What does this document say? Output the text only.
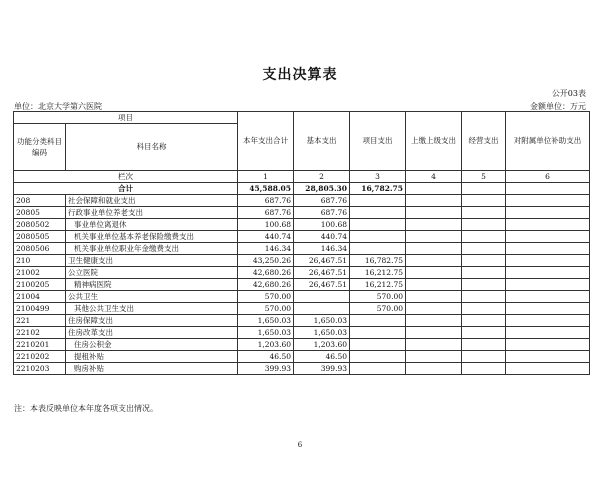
支出决算表
公开03表
单位：北京大学第六医院	金额单位：万元
项目		本年支出合计	基本支出	项目支出	上缴上级支出	经营支出	对附属单位补助支出
功能分类科目编码	科目名称						
栏次		1	2	3	4	5	6
合计		45,588.05	28,805.30	16,782.75			
208	社会保障和就业支出	687.76	687.76				
20805	行政事业单位养老支出	687.76	687.76				
2080502	事业单位离退休	100.68	100.68				
2080505	机关事业单位基本养老保险缴费支出	440.74	440.74				
2080506	机关事业单位职业年金缴费支出	146.34	146.34				
210	卫生健康支出	43,250.26	26,467.51	16,782.75			
21002	公立医院	42,680.26	26,467.51	16,212.75			
2100205	精神病医院	42,680.26	26,467.51	16,212.75			
21004	公共卫生	570.00		570.00			
2100499	其他公共卫生支出	570.00		570.00			
221	住房保障支出	1,650.03	1,650.03				
22102	住房改革支出	1,650.03	1,650.03				
2210201	住房公积金	1,203.60	1,203.60				
2210202	提租补贴	46.50	46.50				
2210203	购房补贴	399.93	399.93				
注：本表反映单位本年度各项支出情况。
6
